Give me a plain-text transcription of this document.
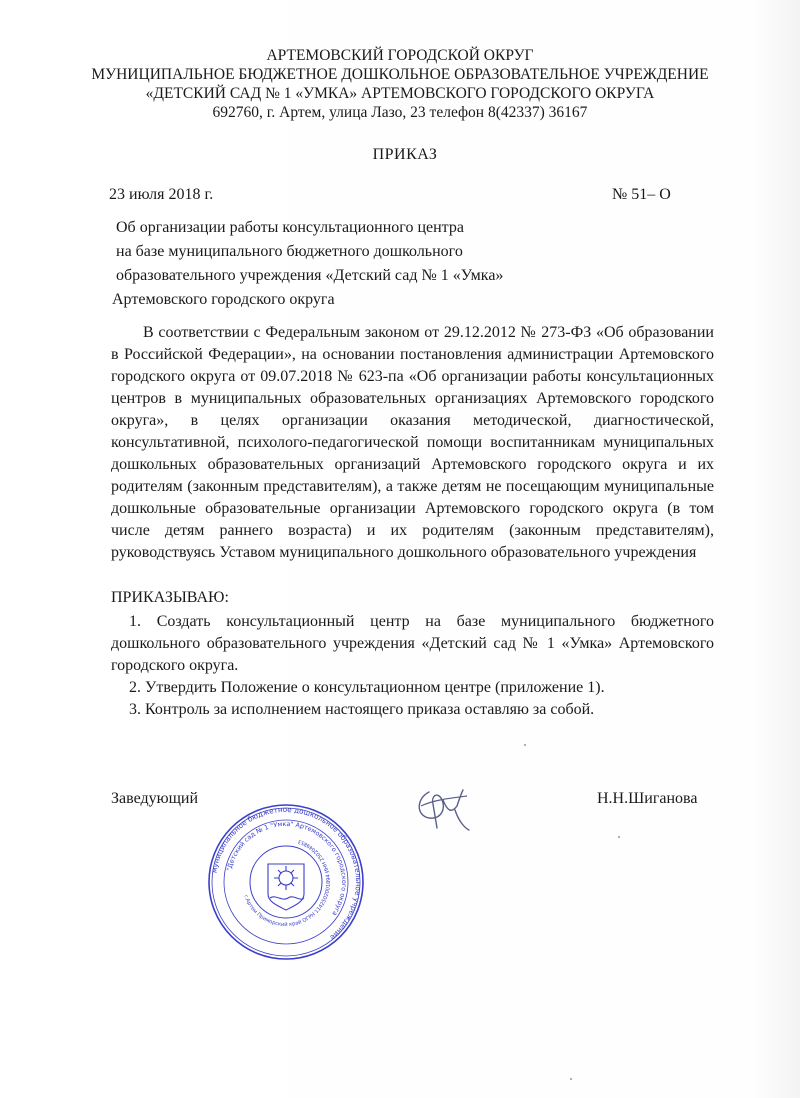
АРТЕМОВСКИЙ ГОРОДСКОЙ ОКРУГ
МУНИЦИПАЛЬНОЕ БЮДЖЕТНОЕ ДОШКОЛЬНОЕ ОБРАЗОВАТЕЛЬНОЕ УЧРЕЖДЕНИЕ
«ДЕТСКИЙ САД № 1 «УМКА» АРТЕМОВСКОГО ГОРОДСКОГО ОКРУГА
692760, г. Артем, улица Лазо, 23 телефон 8(42337) 36167
ПРИКАЗ
23 июля 2018 г.	№ 51– О
Об организации работы консультационного центра
на базе муниципального бюджетного дошкольного
образовательного учреждения «Детский сад № 1 «Умка»
Артемовского городского округа
В соответствии с Федеральным законом от 29.12.2012 № 273-ФЗ «Об образовании в Российской Федерации», на основании постановления администрации Артемовского городского округа от 09.07.2018 № 623-па «Об организации работы консультационных центров в муниципальных образовательных организациях Артемовского городского округа», в целях организации оказания методической, диагностической, консультативной, психолого-педагогической помощи воспитанникам муниципальных дошкольных образовательных организаций Артемовского городского округа и их родителям (законным представителям), а также детям не посещающим муниципальные дошкольные образовательные организации Артемовского городского округа (в том числе детям раннего возраста) и их родителям (законным представителям), руководствуясь Уставом муниципального дошкольного образовательного учреждения
ПРИКАЗЫВАЮ:

1. Создать консультационный центр на базе муниципального бюджетного дошкольного образовательного учреждения «Детский сад № 1 «Умка» Артемовского городского округа.

2. Утвердить Положение о консультационном центре (приложение 1).

3. Контроль за исполнением настоящего приказа оставляю за собой.

Заведующий	Н.Н.Шиганова
муниципальное бюджетное дошкольное образовательное учреждение
"Детский сад № 1 "Умка" Артемовского городского округа
г.Артем Приморский край ОГРН 1142502001894 ИНН 2502049853
